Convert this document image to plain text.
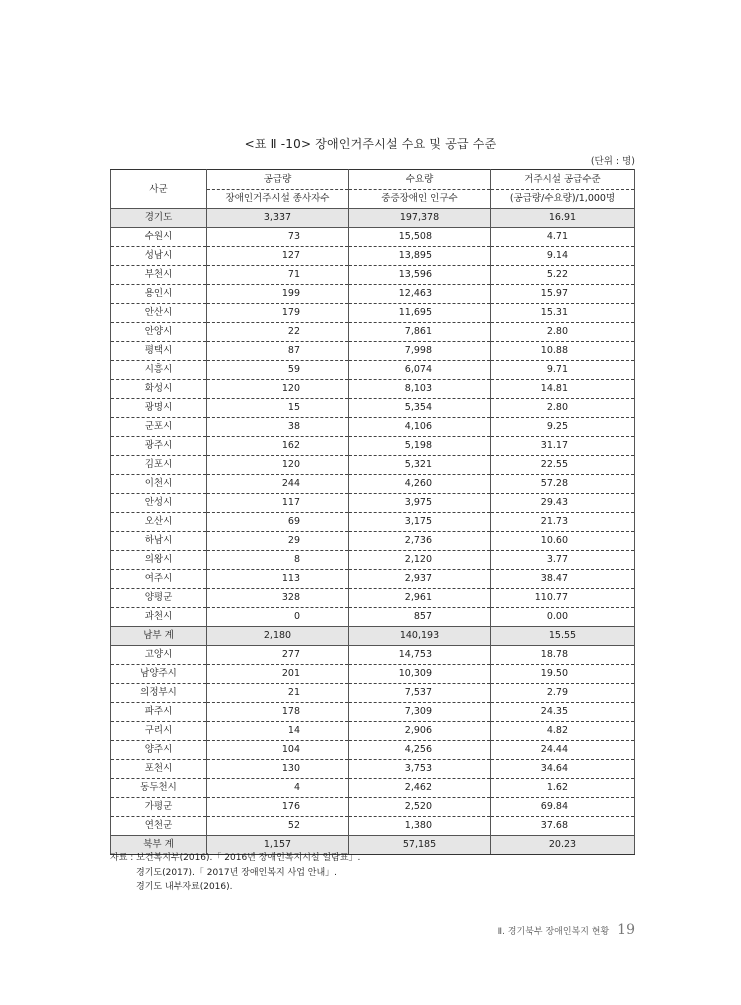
<표 Ⅱ -10> 장애인거주시설 수요 및 공급 수준
(단위 : 명)
사군	공급량	수요량	거주시설 공급수준
	장애인거주시설 종사자수	중증장애인 인구수	(공급량/수요량)/1,000명
경기도	3,337	197,378	16.91
수원시	73	15,508	4.71
성남시	127	13,895	9.14
부천시	71	13,596	5.22
용인시	199	12,463	15.97
안산시	179	11,695	15.31
안양시	22	7,861	2.80
평택시	87	7,998	10.88
시흥시	59	6,074	9.71
화성시	120	8,103	14.81
광명시	15	5,354	2.80
군포시	38	4,106	9.25
광주시	162	5,198	31.17
김포시	120	5,321	22.55
이천시	244	4,260	57.28
안성시	117	3,975	29.43
오산시	69	3,175	21.73
하남시	29	2,736	10.60
의왕시	8	2,120	3.77
여주시	113	2,937	38.47
양평군	328	2,961	110.77
과천시	0	857	0.00
남부 계	2,180	140,193	15.55
고양시	277	14,753	18.78
남양주시	201	10,309	19.50
의정부시	21	7,537	2.79
파주시	178	7,309	24.35
구리시	14	2,906	4.82
양주시	104	4,256	24.44
포천시	130	3,753	34.64
동두천시	4	2,462	1.62
가평군	176	2,520	69.84
연천군	52	1,380	37.68
북부 계	1,157	57,185	20.23
자료 : 보건복지부(2016).「 2016년 장애인복지시설 일람표」.
경기도(2017).「 2017년 장애인복지 사업 안내」.
경기도 내부자료(2016).
Ⅱ. 경기북부 장애인복지 현황 19
